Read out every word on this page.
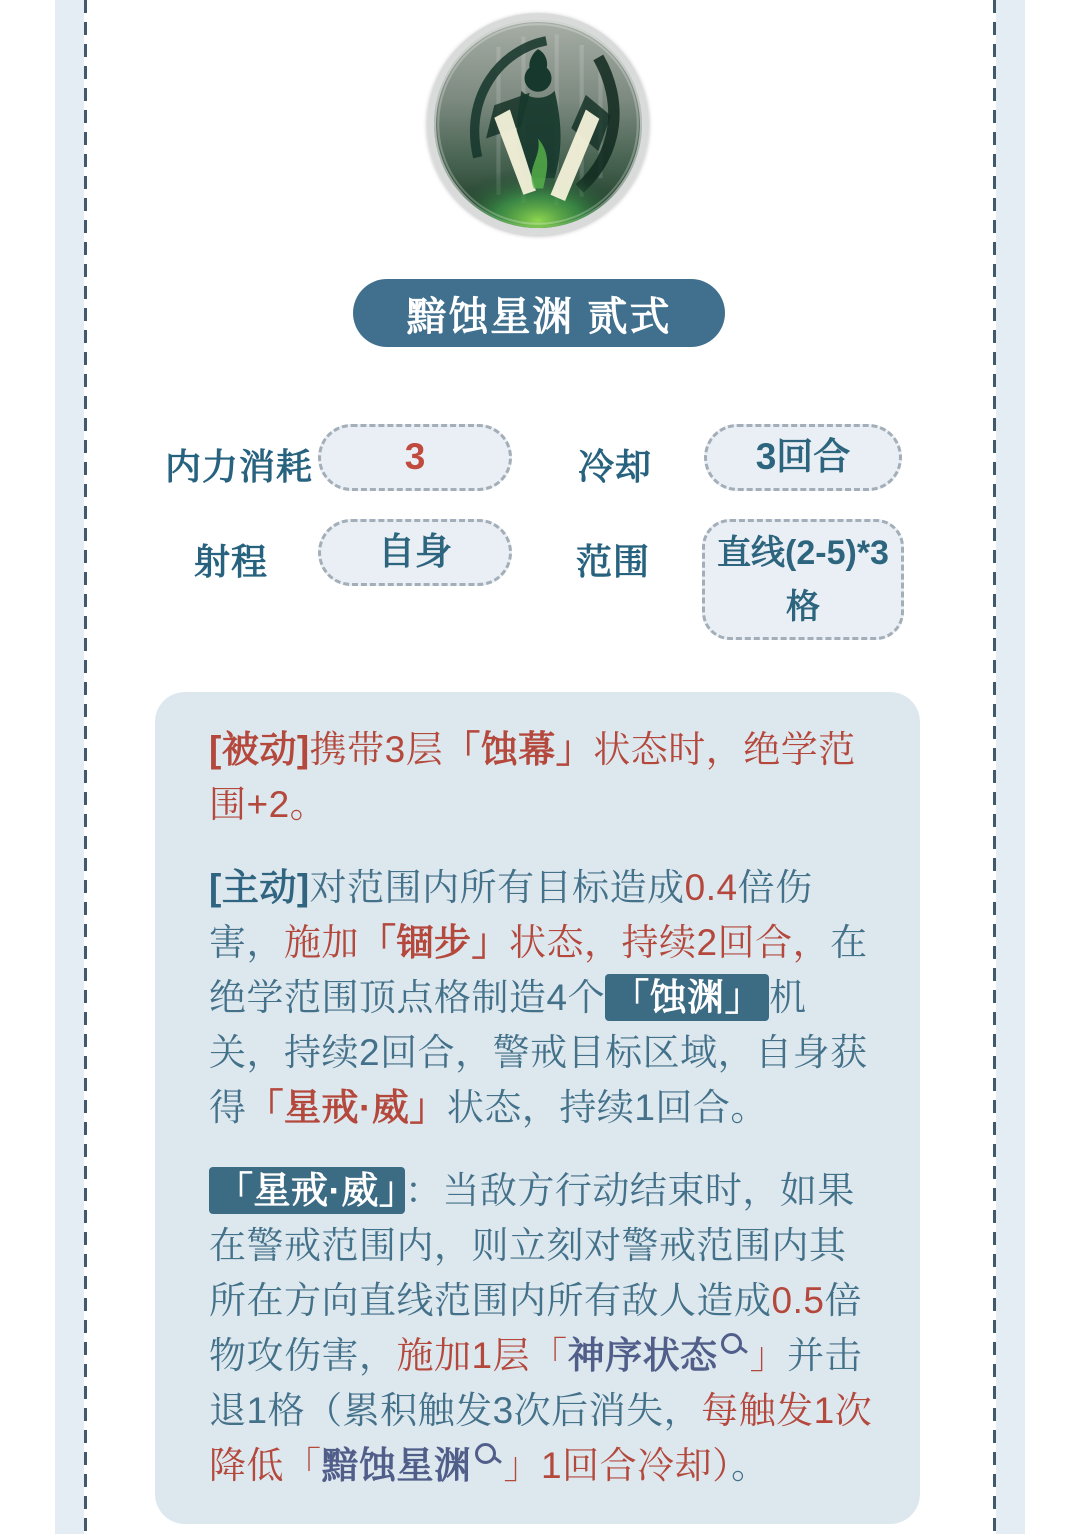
黯蚀星渊 贰式
内力消耗 3	冷却	3回合
射程	自身	范围 直线(2-5)*3格

[被动]携带3层「蚀幕」状态时，绝学范围+2。

[主动]对范围内所有目标造成0.4倍伤害，施加「锢步」状态，持续2回合，在绝学范围顶点格制造4个 「蚀渊」 机关，持续2回合，警戒目标区域，自身获得「星戒·威」状态，持续1回合。

「星戒·威」 ：当敌方行动结束时，如果在警戒范围内，则立刻对警戒范围内其所在方向直线范围内所有敌人造成0.5倍物攻伤害，施加1层「神序状态 」并击退1格（累积触发3次后消失，每触发1次降低「黯蚀星渊 」1回合冷却）。
